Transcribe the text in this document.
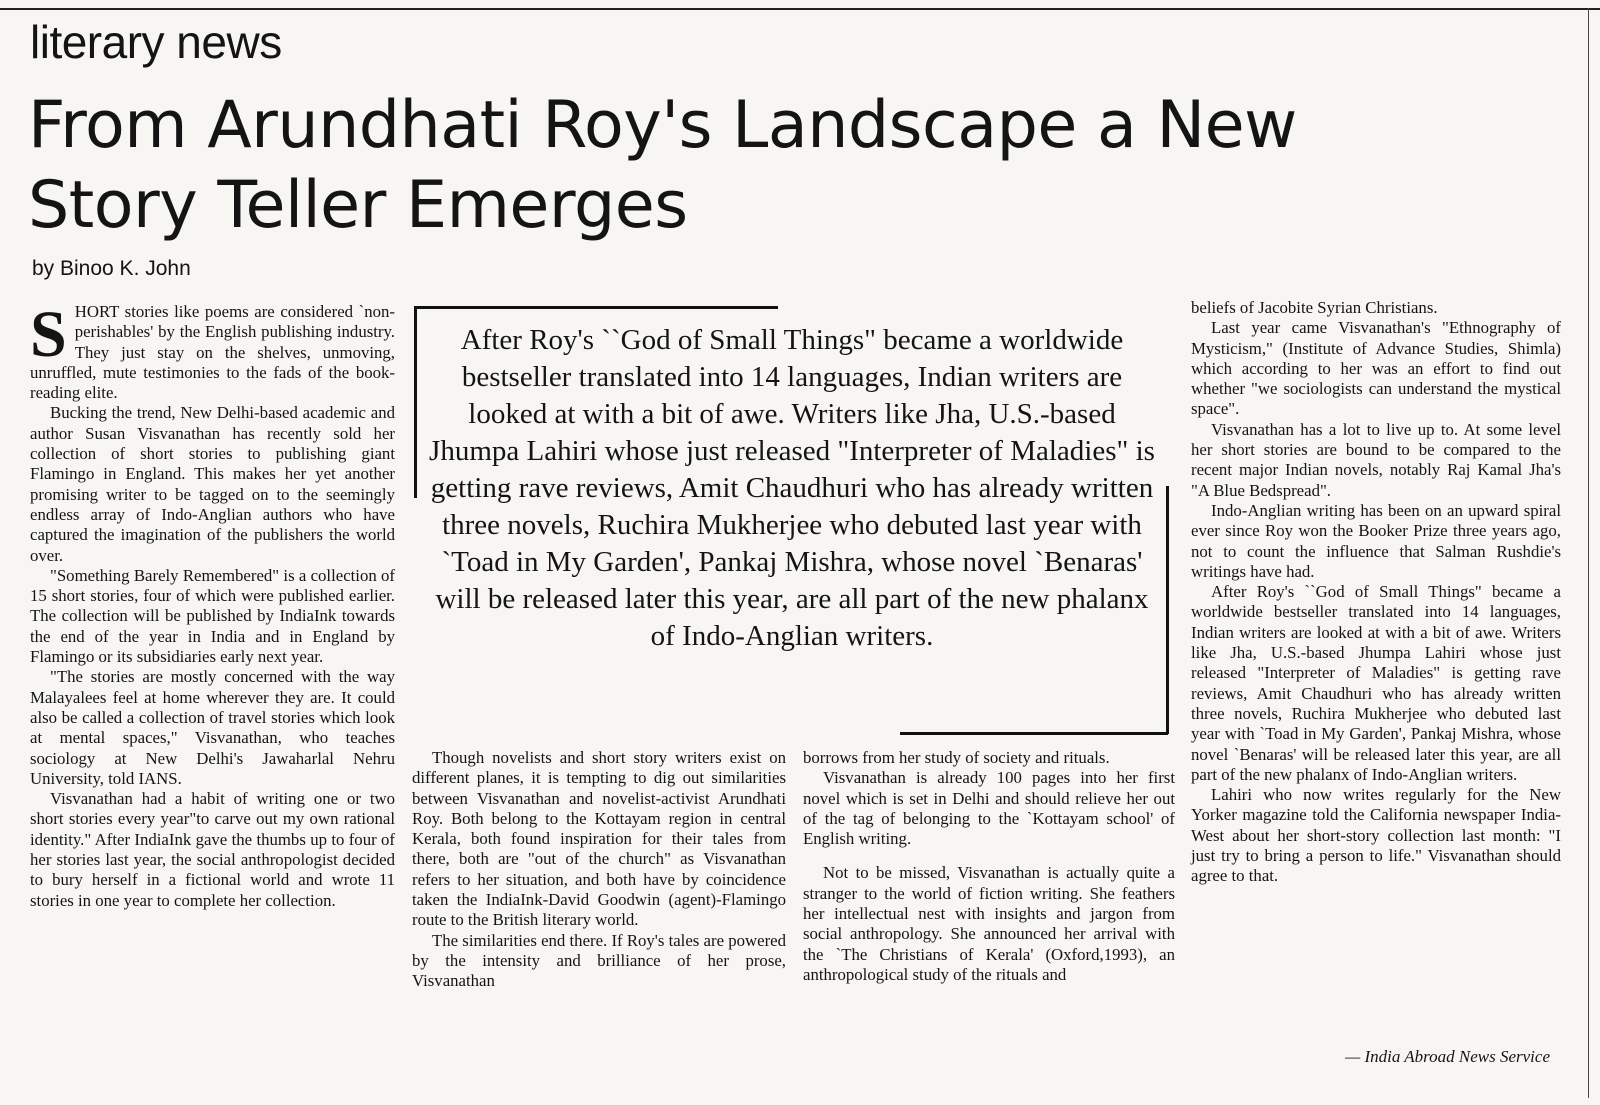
literary news
From Arundhati Roy's Landscape a New Story Teller Emerges

by Binoo K. John

SHORT stories like poems are considered `non-perishables' by the English publishing industry. They just stay on the shelves, unmoving, unruffled, mute testimonies to the fads of the book-reading elite.

Bucking the trend, New Delhi-based academic and author Susan Visvanathan has recently sold her collection of short stories to publishing giant Flamingo in England. This makes her yet another promising writer to be tagged on to the seemingly endless array of Indo-Anglian authors who have captured the imagination of the publishers the world over.

"Something Barely Remembered" is a collection of 15 short stories, four of which were published earlier. The collection will be published by IndiaInk towards the end of the year in India and in England by Flamingo or its subsidiaries early next year.

"The stories are mostly concerned with the way Malayalees feel at home wherever they are. It could also be called a collection of travel stories which look at mental spaces," Visvanathan, who teaches sociology at New Delhi's Jawaharlal Nehru University, told IANS.

Visvanathan had a habit of writing one or two short stories every year"to carve out my own rational identity." After IndiaInk gave the thumbs up to four of her stories last year, the social anthropologist decided to bury herself in a fictional world and wrote 11 stories in one year to complete her collection.

After Roy's ``God of Small Things" became a worldwide bestseller translated into 14 languages, Indian writers are looked at with a bit of awe. Writers like Jha, U.S.-based Jhumpa Lahiri whose just released "Interpreter of Maladies" is getting rave reviews, Amit Chaudhuri who has already written three novels, Ruchira Mukherjee who debuted last year with `Toad in My Garden', Pankaj Mishra, whose novel `Benaras' will be released later this year, are all part of the new phalanx of Indo-Anglian writers.

Though novelists and short story writers exist on different planes, it is tempting to dig out similarities between Visvanathan and novelist-activist Arundhati Roy. Both belong to the Kottayam region in central Kerala, both found inspiration for their tales from there, both are "out of the church" as Visvanathan refers to her situation, and both have by coincidence taken the IndiaInk-David Goodwin (agent)-Flamingo route to the British literary world.

The similarities end there. If Roy's tales are powered by the intensity and brilliance of her prose, Visvanathan

borrows from her study of society and rituals.

Visvanathan is already 100 pages into her first novel which is set in Delhi and should relieve her out of the tag of belonging to the `Kottayam school' of English writing.

Not to be missed, Visvanathan is actually quite a stranger to the world of fiction writing. She feathers her intellectual nest with insights and jargon from social anthropology. She announced her arrival with the `The Christians of Kerala' (Oxford,1993), an anthropological study of the rituals and

beliefs of Jacobite Syrian Christians.

Last year came Visvanathan's "Ethnography of Mysticism," (Institute of Advance Studies, Shimla) which according to her was an effort to find out whether "we sociologists can understand the mystical space".

Visvanathan has a lot to live up to. At some level her short stories are bound to be compared to the recent major Indian novels, notably Raj Kamal Jha's "A Blue Bedspread".

Indo-Anglian writing has been on an upward spiral ever since Roy won the Booker Prize three years ago, not to count the influence that Salman Rushdie's writings have had.

After Roy's ``God of Small Things" became a worldwide bestseller translated into 14 languages, Indian writers are looked at with a bit of awe. Writers like Jha, U.S.-based Jhumpa Lahiri whose just released "Interpreter of Maladies" is getting rave reviews, Amit Chaudhuri who has already written three novels, Ruchira Mukherjee who debuted last year with `Toad in My Garden', Pankaj Mishra, whose novel `Benaras' will be released later this year, are all part of the new phalanx of Indo-Anglian writers.

Lahiri who now writes regularly for the New Yorker magazine told the California newspaper India-West about her short-story collection last month: "I just try to bring a person to life." Visvanathan should agree to that.

— India Abroad News Service
